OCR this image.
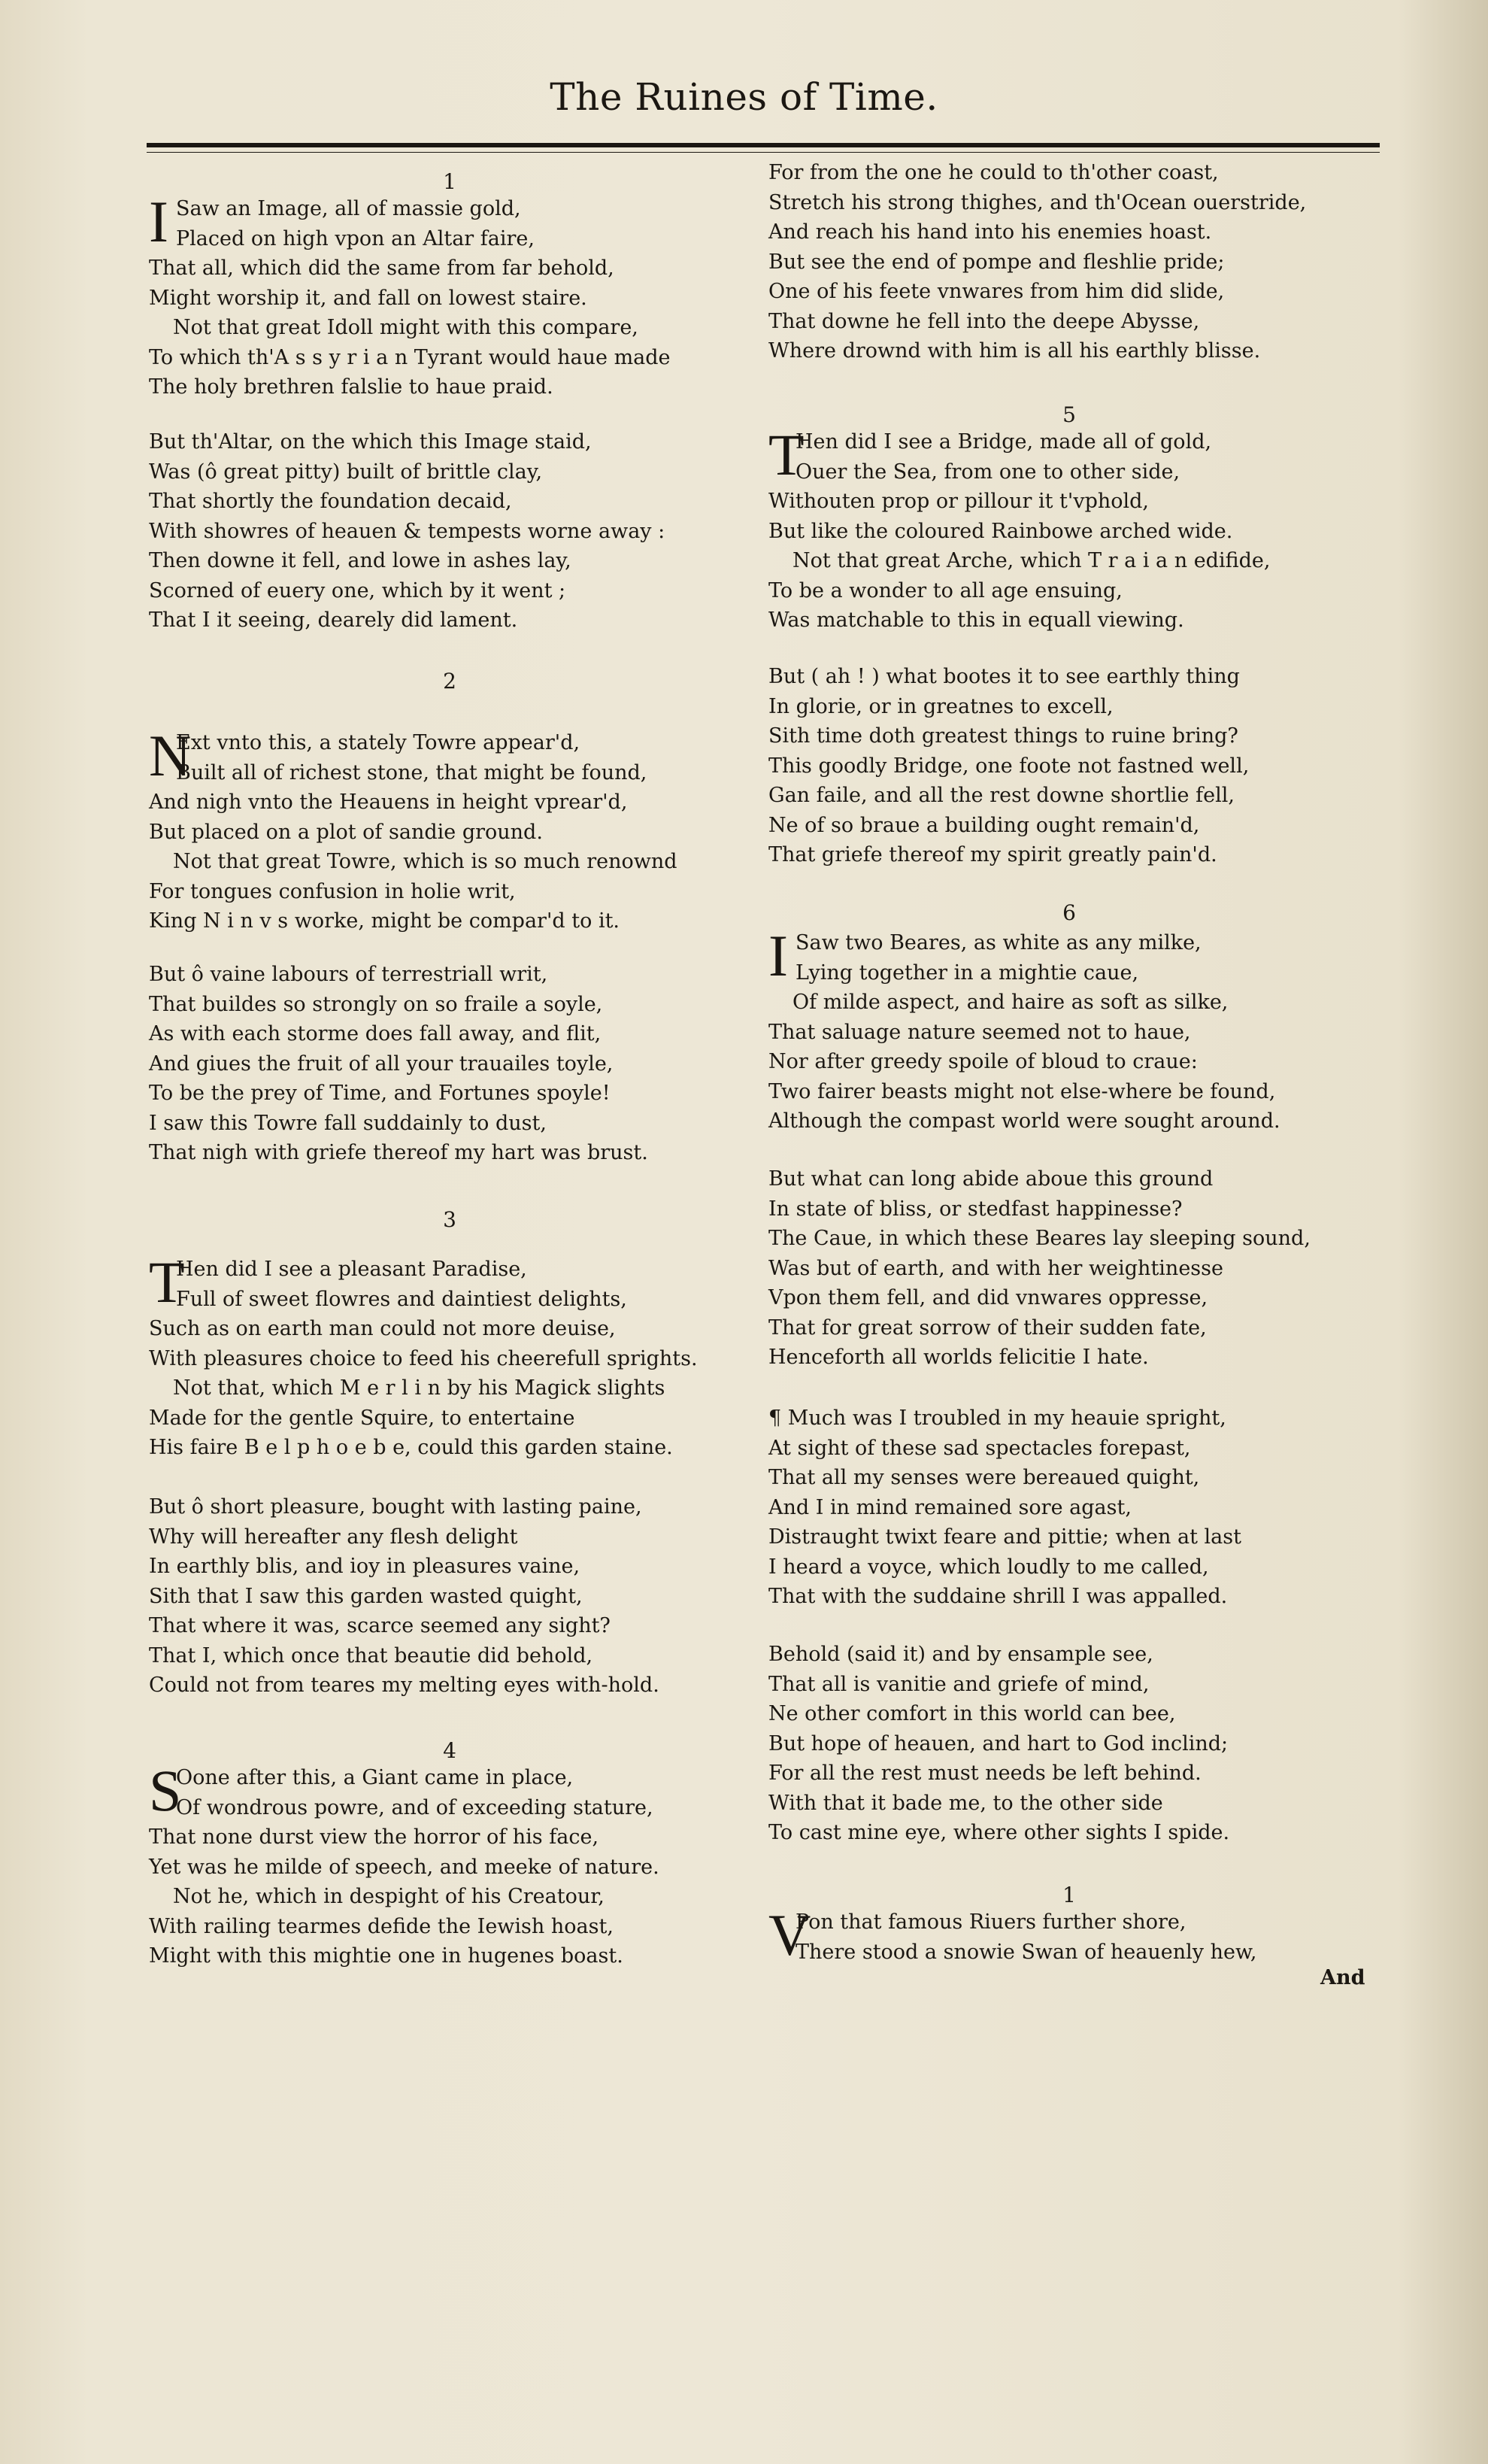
The Ruines of Time.
1
I Saw an Image, all of massie gold,
Placed on high vpon an Altar faire,
That all, which did the same from far behold,
Might worship it, and fall on lowest staire.
Not that great Idoll might with this compare,
To which th'A s s y r i a n Tyrant would haue made
The holy brethren falslie to haue praid.
But th'Altar, on the which this Image staid,
Was (ô great pitty) built of brittle clay,
That shortly the foundation decaid,
With showres of heauen & tempests worne away :
Then downe it fell, and lowe in ashes lay,
Scorned of euery one, which by it went ;
That I it seeing, dearely did lament.
2
N
Ext vnto this, a stately Towre appear'd,
Built all of richest stone, that might be found,
And nigh vnto the Heauens in height vprear'd,
But placed on a plot of sandie ground.
Not that great Towre, which is so much renownd
For tongues confusion in holie writ,
King N i n v s worke, might be compar'd to it.
But ô vaine labours of terrestriall writ,
That buildes so strongly on so fraile a soyle,
As with each storme does fall away, and flit,
And giues the fruit of all your trauailes toyle,
To be the prey of Time, and Fortunes spoyle!
I saw this Towre fall suddainly to dust,
That nigh with griefe thereof my hart was brust.
3
T
Hen did I see a pleasant Paradise,
Full of sweet flowres and daintiest delights,
Such as on earth man could not more deuise,
With pleasures choice to feed his cheerefull sprights.
Not that, which M e r l i n by his Magick slights
Made for the gentle Squire, to entertaine
His faire B e l p h o e b e, could this garden staine.
But ô short pleasure, bought with lasting paine,
Why will hereafter any flesh delight
In earthly blis, and ioy in pleasures vaine,
Sith that I saw this garden wasted quight,
That where it was, scarce seemed any sight?
That I, which once that beautie did behold,
Could not from teares my melting eyes with-hold.
4
S
Oone after this, a Giant came in place,
Of wondrous powre, and of exceeding stature,
That none durst view the horror of his face,
Yet was he milde of speech, and meeke of nature.
Not he, which in despight of his Creatour,
With railing tearmes defide the Iewish hoast,
Might with this mightie one in hugenes boast.
For from the one he could to th'other coast,
Stretch his strong thighes, and th'Ocean ouerstride,
And reach his hand into his enemies hoast.
But see the end of pompe and fleshlie pride;
One of his feete vnwares from him did slide,
That downe he fell into the deepe Abysse,
Where drownd with him is all his earthly blisse.
5
T
Hen did I see a Bridge, made all of gold,
Ouer the Sea, from one to other side,
Withouten prop or pillour it t'vphold,
But like the coloured Rainbowe arched wide.
Not that great Arche, which T r a i a n edifide,
To be a wonder to all age ensuing,
Was matchable to this in equall viewing.
But ( ah ! ) what bootes it to see earthly thing
In glorie, or in greatnes to excell,
Sith time doth greatest things to ruine bring?
This goodly Bridge, one foote not fastned well,
Gan faile, and all the rest downe shortlie fell,
Ne of so braue a building ought remain'd,
That griefe thereof my spirit greatly pain'd.
6
I Saw two Beares, as white as any milke,
Lying together in a mightie caue,
Of milde aspect, and haire as soft as silke,
That saluage nature seemed not to haue,
Nor after greedy spoile of bloud to craue:
Two fairer beasts might not else-where be found,
Although the compast world were sought around.
But what can long abide aboue this ground
In state of bliss, or stedfast happinesse?
The Caue, in which these Beares lay sleeping sound,
Was but of earth, and with her weightinesse
Vpon them fell, and did vnwares oppresse,
That for great sorrow of their sudden fate,
Henceforth all worlds felicitie I hate.
¶ Much was I troubled in my heauie spright,
At sight of these sad spectacles forepast,
That all my senses were bereaued quight,
And I in mind remained sore agast,
Distraught twixt feare and pittie; when at last
I heard a voyce, which loudly to me called,
That with the suddaine shrill I was appalled.
Behold (said it) and by ensample see,
That all is vanitie and griefe of mind,
Ne other comfort in this world can bee,
But hope of heauen, and hart to God inclind;
For all the rest must needs be left behind.
With that it bade me, to the other side
To cast mine eye, where other sights I spide.
1
V
Pon that famous Riuers further shore,
There stood a snowie Swan of heauenly hew,
And
